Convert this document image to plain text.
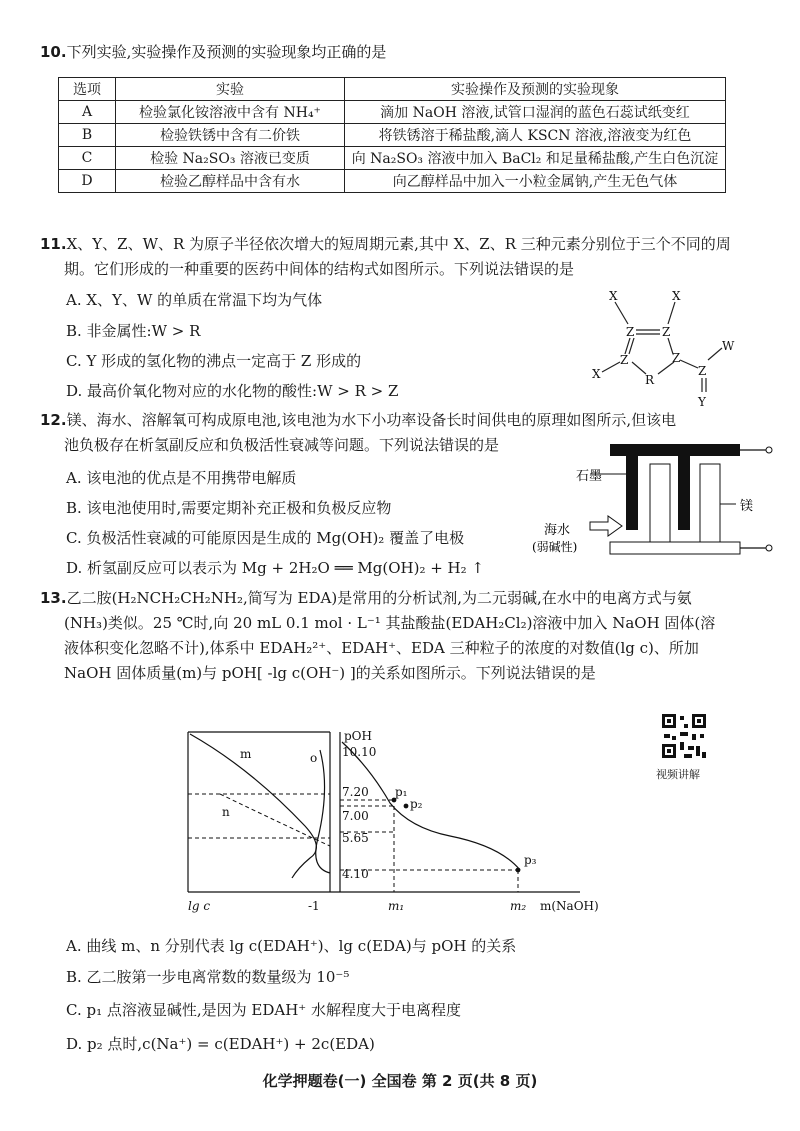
10.下列实验,实验操作及预测的实验现象均正确的是
选项	实验	实验操作及预测的实验现象
A	检验氯化铵溶液中含有 NH₄⁺	滴加 NaOH 溶液,试管口湿润的蓝色石蕊试纸变红
B	检验铁锈中含有二价铁	将铁锈溶于稀盐酸,滴人 KSCN 溶液,溶液变为红色
C	检验 Na₂SO₃ 溶液已变质	向 Na₂SO₃ 溶液中加入 BaCl₂ 和足量稀盐酸,产生白色沉淀
D	检验乙醇样品中含有水	向乙醇样品中加入一小粒金属钠,产生无色气体
11.X、Y、Z、W、R 为原子半径依次增大的短周期元素,其中 X、Z、R 三种元素分别位于三个不同的周
期。它们形成的一种重要的医药中间体的结构式如图所示。下列说法错误的是
A. X、Y、W 的单质在常温下均为气体
B. 非金属性:W > R
C. Y 形成的氢化物的沸点一定高于 Z 形成的
D. 最高价氧化物对应的水化物的酸性:W > R > Z
X	X
Z Z
Z	Z
X	R
Z
W
Y
12.镁、海水、溶解氧可构成原电池,该电池为水下小功率设备长时间供电的原理如图所示,但该电
池负极存在析氢副反应和负极活性衰减等问题。下列说法错误的是
A. 该电池的优点是不用携带电解质
B. 该电池使用时,需要定期补充正极和负极反应物
C. 负极活性衰减的可能原因是生成的 Mg(OH)₂ 覆盖了电极
D. 析氢副反应可以表示为 Mg + 2H₂O ══ Mg(OH)₂ + H₂ ↑
石墨
镁
海水
(弱碱性)
13.乙二胺(H₂NCH₂CH₂NH₂,简写为 EDA)是常用的分析试剂,为二元弱碱,在水中的电离方式与氨
(NH₃)类似。25 ℃时,向 20 mL 0.1 mol · L⁻¹ 其盐酸盐(EDAH₂Cl₂)溶液中加入 NaOH 固体(溶
液体积变化忽略不计),体系中 EDAH₂²⁺、EDAH⁺、EDA 三种粒子的浓度的对数值(lg c)、所加
NaOH 固体质量(m)与 pOH[ -lg c(OH⁻) ]的关系如图所示。下列说法错误的是
视频讲解
pOH
10.10
7.20
7.00
5.65
4.10
m
n
o
lg c	-1	m₁	m₂ m(NaOH)
p₁
p₂
p₃
A. 曲线 m、n 分别代表 lg c(EDAH⁺)、lg c(EDA)与 pOH 的关系
B. 乙二胺第一步电离常数的数量级为 10⁻⁵
C. p₁ 点溶液显碱性,是因为 EDAH⁺ 水解程度大于电离程度
D. p₂ 点时,c(Na⁺) = c(EDAH⁺) + 2c(EDA)
化学押题卷(一) 全国卷 第 2 页(共 8 页)
